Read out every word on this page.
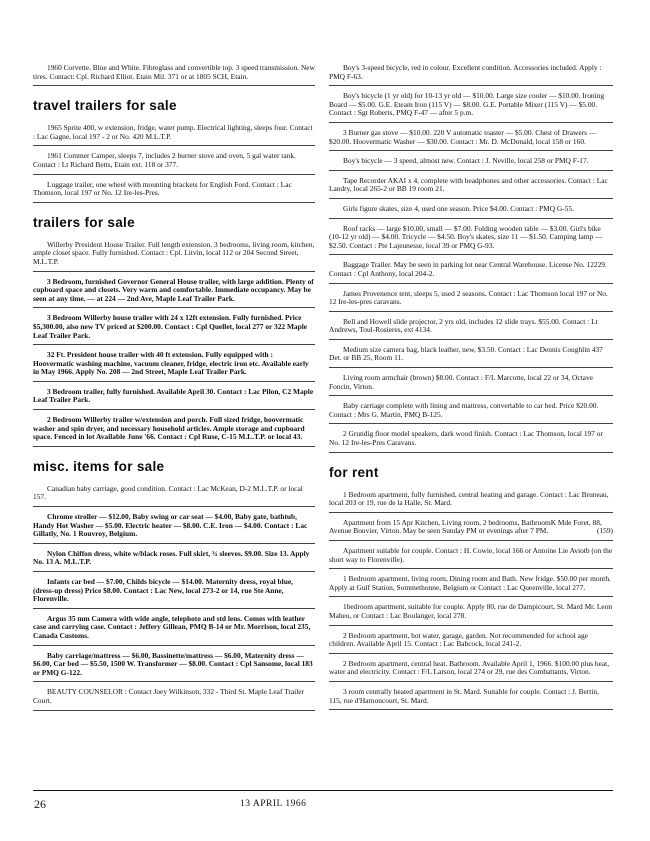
1960 Corvette. Blue and White. Fibreglass and convertible top. 3 speed transmission. New tires. Contact: Cpl. Richard Elliot. Etain Mil. 371 or at 1805 SCH, Etain.
travel trailers for sale
1965 Sprite 400, w extension, fridge, water pump. Electrical lighting, sleeps four. Contact : Lac Gagne, local 197 - 2 or No. 420 M.L.T.P.
1961 Commer Camper, sleeps 7, includes 2 burner stove and oven, 5 gal water tank. Contact : Lt Richard Betts, Etain ext. 118 or 377.
Luggage trailer, one wheel with mounting brackets for English Ford. Contact : Lac Thomson, local 197 or No. 12 Ire-les-Pres.
trailers for sale
Willerby President House Trailer. Full length extension. 3 bedrooms, living room, kitchen, ample closet space. Fully furnished. Contact : Cpl. Litvin, local 112 or 204 Second Street, M.L.T.P.
3 Bedroom, furnished Governor General House trailer, with large addition. Plenty of cupboard space and closets. Very warm and comfortable. Immediate occupancy. May be seen at any time. — at 224 — 2nd Ave, Maple Leaf Trailer Park.
3 Bedroom Willerby house trailer with 24 x 12ft extension. Fully furnished. Price $5,300.00, also new TV priced at $200.00. Contact : Cpl Quellet, local 277 or 322 Maple Leaf Trailer Park.
32 Ft. President house trailer with 40 ft extension. Fully equipped with : Hoovermatic washing machine, vacuum cleaner, fridge, electric iron etc. Available early in May 1966. Apply No. 208 — 2nd Street, Maple Leaf Trailer Park.
3 Bedroom trailer, fully furnished. Available April 30. Contact : Lac Pilon, C2 Maple Leaf Trailer Park.
2 Bedroom Willerby trailer w/extension and porch. Full sized fridge, hoovermatic washer and spin dryer, and necessary household articles. Ample storage and cupboard space. Fenced in lot Available June '66. Contact : Cpl Ruse, C-15 M.L.T.P. or local 43.
misc. items for sale
Canadian baby carriage, good condition. Contact : Lac McKean, D-2 M.L.T.P. or local 157.
Chrome stroller — $12.00, Baby swing or car seat — $4.00, Baby gate, bathtub, Handy Hot Washer — $5.00. Electric heater — $8.00. C.E. Iron — $4.00. Contact : Lac Gillatly, No. 1 Rouvroy, Belgium.
Nylon Chiffon dress, white w/black roses. Full skirt, ¾ sleeves. $9.00. Size 13. Apply No. 13 A. M.L.T.P.
Infants car bed — $7.00, Childs bicycle — $14.00. Maternity dress, royal blue, (dress-up dress) Price $8.00. Contact : Lac New, local 273-2 or 14, rue Ste Anne, Florenville.
Argus 35 mm Camera with wide angle, telephoto and std lens. Comes with leather case and carrying case. Contact : Jeffery Gillean, PMQ B-14 or Mr. Morrison, local 235, Canada Customs.
Baby carriage/mattress — $6.00, Bassinette/mattress — $6.00, Maternity dress — $6.00, Car bed — $5.50, 1500 W. Transformer — $8.00. Contact : Cpl Sansome, local 183 or PMQ G-122.
BEAUTY COUNSELOR : Contact Joey Wilkinson, 332 - Third St. Maple Leaf Trailer Court.
Boy's 3-speed bicycle, red in colour. Excellent condition. Accessories included. Apply : PMQ F-63.
Boy's bicycle (1 yr old) for 10-13 yr old — $10.00. Large size cooler — $10.00. Ironing Board — $5.00. G.E. Eteam Iron (115 V) — $8.00. G.E. Portable Mixer (115 V) — $5.00. Contact : Sgt Roberts, PMQ F-47 — after 5 p.m.
3 Burner gas stove — $10.00. 220 V automatic toaster — $5.00. Chest of Drawers — $20.00. Hoovermatic Washer — $30.00. Contact : Mr. D. McDonald, local 158 or 160.
Boy's bicycle — 3 speed, almost new. Contact : J. Neville, local 258 or PMQ F-17.
Tape Recorder AKAI x 4, complete with headphones and other accessories. Contact : Lac Landry, local 265-2 or BB 19 room 21.
Girls figure skates, size 4, used one season. Price $4.00. Contact : PMQ G-55.
Roof racks — large $10.00, small — $7.00. Folding wooden table — $3.00. Girl's bike (10-12 yr old) — $4.00. Tricycle — $4.50. Boy's skates, size 11 — $1.50. Camping lamp — $2.50. Contact : Pte Lajeunesse, local 39 or PMQ G-93.
Baggage Trailer. May be seen in parking lot near Central Warehouse. License No. 12229. Contact : Cpl Anthony, local 204-2.
James Provenence tent, sleeps 5, used 2 seasons. Contact : Lac Thomson local 197 or No. 12 Ire-les-pres caravans.
Bell and Howell slide projector, 2 yrs old, includes 12 slide trays. $55.00. Contact : Lt Andrews, Toul-Rosieres, ext 4134.
Medium size camera bag, black leather, new, $3.50. Contact : Lac Dennis Coughlin 437 Det. or BB 25, Room 11.
Living room armchair (brown) $8.00. Contact : F/L Marcotte, local 22 or 34, Octave Foncin, Virton.
Baby carriage complete with lining and mattress, convertable to car bed. Price $20.00. Contact : Mrs G. Martin, PMQ B-125.
2 Grundig floor model speakers, dark wood finish. Contact : Lac Thomson, local 197 or No. 12 Ire-les-Pres Caravans.
for rent
1 Bedroom apartment, fully furnished, central heating and garage. Contact : Lac Bruneau, local 203 or 19, rue de la Halle, St. Mard.
Apartment from 15 Apr Kitchen, Living room, 2 bedrooms, BathroomK Mde Foret, 88, Avenue Bouvier, Virton. May be seen Sunday PM or evenings after 7 PM.	(159)
Apartment suitable for couple. Contact : H. Cowie, local 166 or Antoine Lie Aviotb (on the short way to Florenville).
1 Bedroom apartment, living room, Dining room and Bath. New fridge. $50.00 per month. Apply at Gulf Station, Sommethonne, Belgium or Contact : Lac Queenville, local 277.
1bedroom apartment, suitable for couple. Apply 80, rue de Dampicourt, St. Mard Mr. Leon Maheu, or Contact : Lac Boulanger, local 278.
2 Bedroom apartment, hot water, garage, garden. Not recommended for school age children. Available April 15. Contact : Lac Babcock, local 241-2.
2 Bedroom apartment, central heat. Bathroom. Available April 1, 1966. $100.00 plus heat, water and electricity. Contact : F/L Larson, local 274 or 29, rue des Combattants, Virton.
3 room centrally heated apartment in St. Mard. Suitable for couple. Contact : J. Bertin, 115, rue d'Harnoncourt, St. Mard.
26	13 APRIL 1966
